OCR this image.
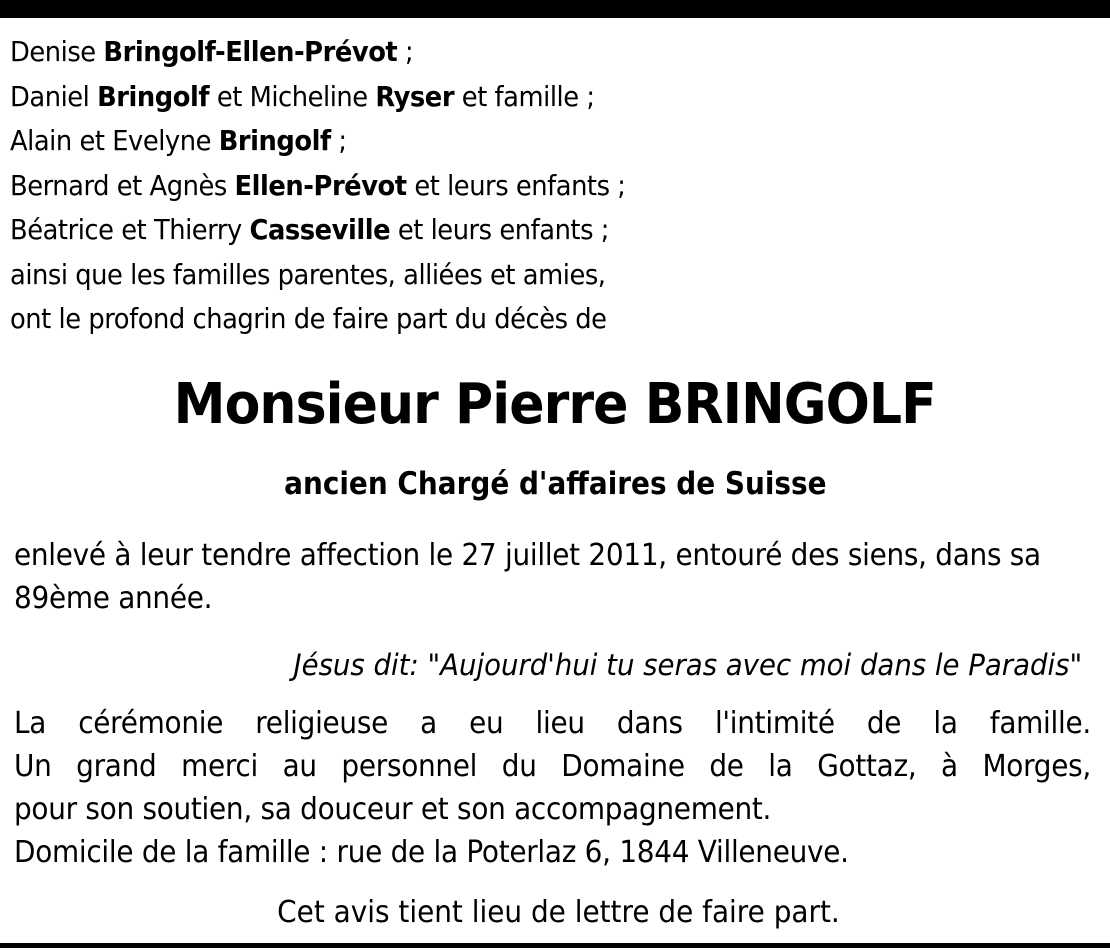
Denise Bringolf-Ellen-Prévot ;
Daniel Bringolf et Micheline Ryser et famille ;
Alain et Evelyne Bringolf ;
Bernard et Agnès Ellen-Prévot et leurs enfants ;
Béatrice et Thierry Casseville et leurs enfants ;
ainsi que les familles parentes, alliées et amies,
ont le profond chagrin de faire part du décès de
Monsieur Pierre BRINGOLF
ancien Chargé d'affaires de Suisse
enlevé à leur tendre affection le 27 juillet 2011, entouré des siens, dans sa 89ème année.
Jésus dit: "Aujourd'hui tu seras avec moi dans le Paradis"
La cérémonie religieuse a eu lieu dans l'intimité de la famille.
Un grand merci au personnel du Domaine de la Gottaz, à Morges,
pour son soutien, sa douceur et son accompagnement.
Domicile de la famille : rue de la Poterlaz 6, 1844 Villeneuve.
Cet avis tient lieu de lettre de faire part.
